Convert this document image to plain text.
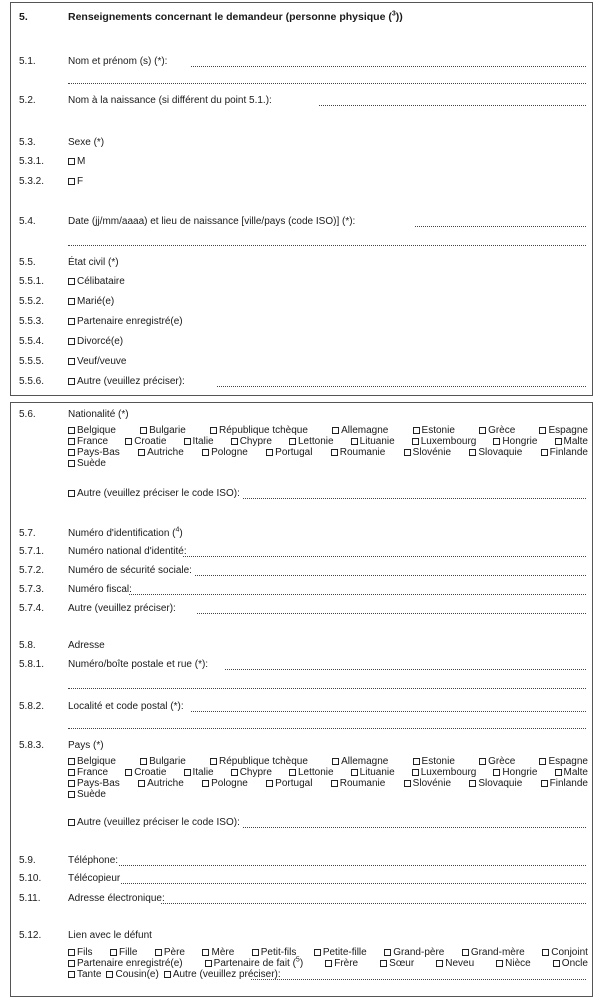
5.	Renseignements concernant le demandeur (personne physique ($^3$))
5.1.	Nom et prénom (s) (*):
5.2.	Nom à la naissance (si différent du point 5.1.):
5.3.	Sexe (*)
5.3.1.	M
5.3.2.	F
5.4.	Date (jj/mm/aaaa) et lieu de naissance [ville/pays (code ISO)] (*):
5.5.	État civil (*)
5.5.1.	Célibataire
5.5.2.	Marié(e)
5.5.3.	Partenaire enregistré(e)
5.5.4.	Divorcé(e)
5.5.5.	Veuf/veuve
5.5.6.	Autre (veuillez préciser):
5.6.	Nationalité (*)
Belgique	Bulgarie	République tchèque	Allemagne	Estonie	Grèce	Espagne
France	Croatie	Italie	Chypre	Lettonie	Lituanie	Luxembourg	Hongrie	Malte
Pays-Bas	Autriche	Pologne	Portugal	Roumanie	Slovénie	Slovaquie	Finlande
Suède
Autre (veuillez préciser le code ISO):
5.7.	Numéro d'identification ($^4$)
5.7.1. Numéro national d'identité:
5.7.2. Numéro de sécurité sociale:
5.7.3. Numéro fiscal:
5.7.4. Autre (veuillez préciser):
5.8.	Adresse
5.8.1. Numéro/boîte postale et rue (*):
5.8.2. Localité et code postal (*):
5.8.3. Pays (*)
Belgique	Bulgarie	République tchèque	Allemagne	Estonie	Grèce	Espagne
France	Croatie	Italie	Chypre	Lettonie	Lituanie	Luxembourg	Hongrie	Malte
Pays-Bas	Autriche	Pologne	Portugal	Roumanie	Slovénie	Slovaquie	Finlande
Suède
Autre (veuillez préciser le code ISO):
5.9.	Téléphone:
5.10.	Télécopieur
5.11.	Adresse électronique:
5.12.	Lien avec le défunt
Fils	Fille	Père	Mère	Petit-fils	Petite-fille	Grand-père	Grand-mère	Conjoint
Partenaire enregistré(e)	Partenaire de fait ($^5$)	Frère	Sœur	Neveu	Nièce	Oncle
Tante	Cousin(e)	Autre (veuillez préciser):
